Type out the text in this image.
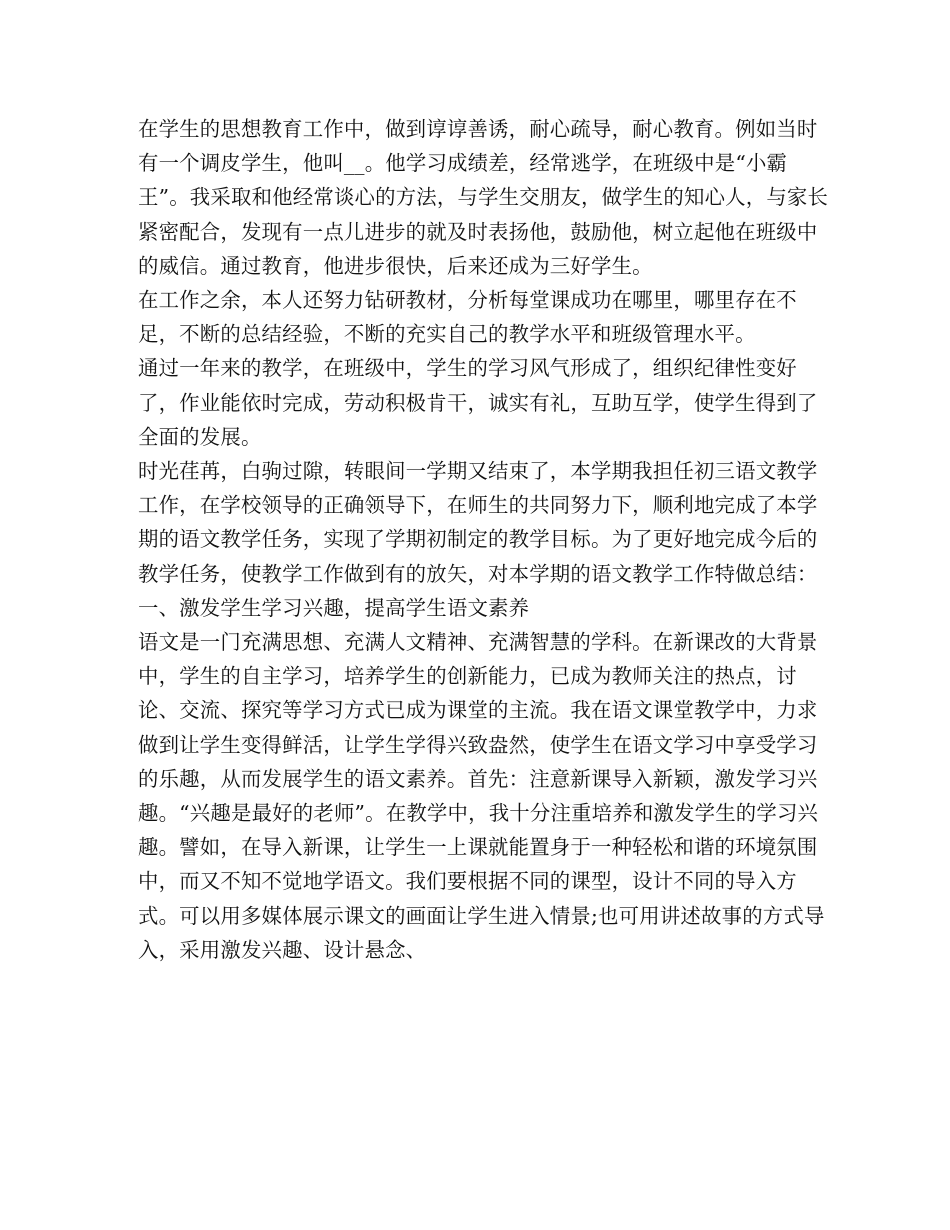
在学生的思想教育工作中，做到谆谆善诱，耐心疏导，耐心教育。例如当时有一个调皮学生，他叫__。他学习成绩差，经常逃学，在班级中是“小霸王”。我采取和他经常谈心的方法，与学生交朋友，做学生的知心人，与家长紧密配合，发现有一点儿进步的就及时表扬他，鼓励他，树立起他在班级中的威信。通过教育，他进步很快，后来还成为三好学生。

在工作之余，本人还努力钻研教材，分析每堂课成功在哪里，哪里存在不足，不断的总结经验，不断的充实自己的教学水平和班级管理水平。

通过一年来的教学，在班级中，学生的学习风气形成了，组织纪律性变好了，作业能依时完成，劳动积极肯干，诚实有礼，互助互学，使学生得到了全面的发展。

时光荏苒，白驹过隙，转眼间一学期又结束了，本学期我担任初三语文教学工作，在学校领导的正确领导下，在师生的共同努力下，顺利地完成了本学期的语文教学任务，实现了学期初制定的教学目标。为了更好地完成今后的教学任务，使教学工作做到有的放矢，对本学期的语文教学工作特做总结：

一、激发学生学习兴趣，提高学生语文素养

语文是一门充满思想、充满人文精神、充满智慧的学科。在新课改的大背景中，学生的自主学习，培养学生的创新能力，已成为教师关注的热点，讨论、交流、探究等学习方式已成为课堂的主流。我在语文课堂教学中，力求做到让学生变得鲜活，让学生学得兴致盎然，使学生在语文学习中享受学习的乐趣，从而发展学生的语文素养。首先：注意新课导入新颖，激发学习兴趣。“兴趣是最好的老师”。在教学中，我十分注重培养和激发学生的学习兴趣。譬如，在导入新课，让学生一上课就能置身于一种轻松和谐的环境氛围中，而又不知不觉地学语文。我们要根据不同的课型，设计不同的导入方式。可以用多媒体展示课文的画面让学生进入情景;也可用讲述故事的方式导入，采用激发兴趣、设计悬念、
